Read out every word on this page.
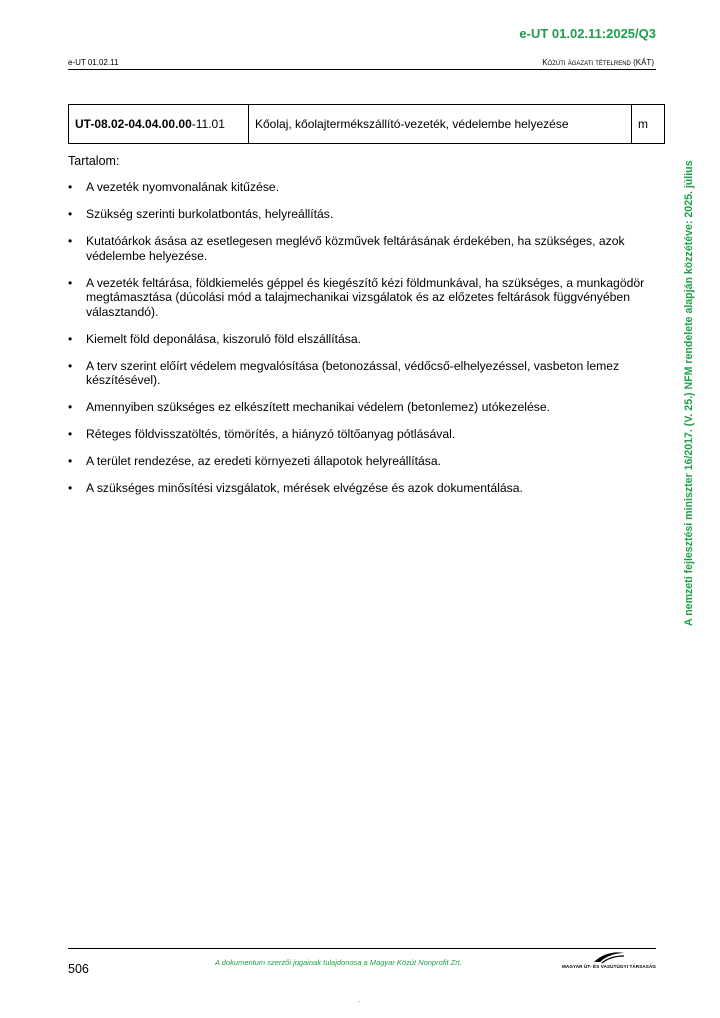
e-UT 01.02.11:2025/Q3
e-UT 01.02.11	Közúti ágazati tételrend (KÁT)
UT-08.02-04.04.00.00-11.01	Kőolaj, kőolajtermékszállító-vezeték, védelembe helyezése	m
Tartalom:
• A vezeték nyomvonalának kitűzése.
• Szükség szerinti burkolatbontás, helyreállítás.
• Kutatóárkok ásása az esetlegesen meglévő közművek feltárásának érdekében, ha szükséges, azok védelembe helyezése.
• A vezeték feltárása, földkiemelés géppel és kiegészítő kézi földmunkával, ha szükséges, a munkagödör megtámasztása (dúcolási mód a talajmechanikai vizsgálatok és az előzetes feltárások függvényében választandó).
• Kiemelt föld deponálása, kiszoruló föld elszállítása.
• A terv szerint előírt védelem megvalósítása (betonozással, védőcső-elhelyezéssel, vasbeton lemez készítésével).
• Amennyiben szükséges ez elkészített mechanikai védelem (betonlemez) utókezelése.
• Réteges földvisszatöltés, tömörítés, a hiányzó töltőanyag pótlásával.
• A terület rendezése, az eredeti környezeti állapotok helyreállítása.
• A szükséges minősítési vizsgálatok, mérések elvégzése és azok dokumentálása.	A nemzeti fejlesztési miniszter 16/2017. (V. 25.) NFM rendelete alapján közzétéve: 2025. július
506	A dokumentum szerzői jogainak tulajdonosa a Magyar Közút Nonprofit Zrt.	MAGYAR ÚT- ÉS VASÚTÜGYI TÁRSASÁG
.
